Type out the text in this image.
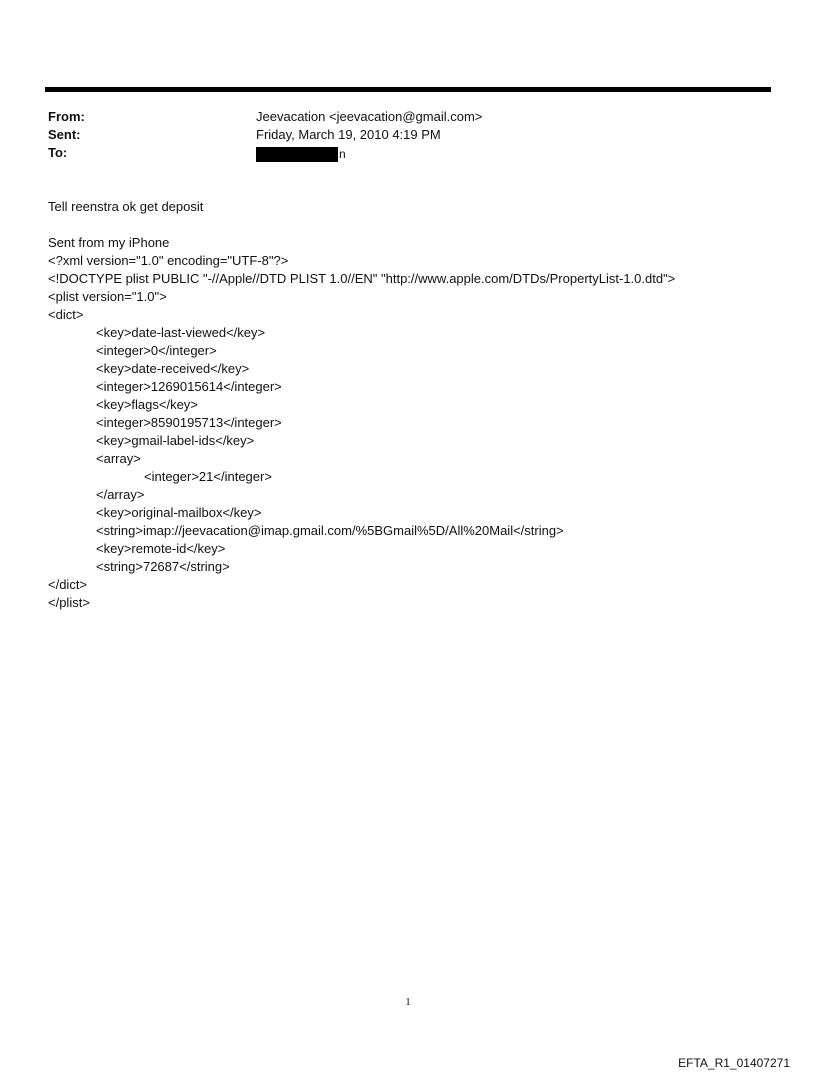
From:	Jeevacation <jeevacation@gmail.com>
Sent:	Friday, March 19, 2010 4:19 PM
To:	n
Tell reenstra ok get deposit
Sent from my iPhone
<?xml version="1.0" encoding="UTF-8"?>
<!DOCTYPE plist PUBLIC "-//Apple//DTD PLIST 1.0//EN" "http://www.apple.com/DTDs/PropertyList-1.0.dtd">
<plist version="1.0">
<dict>
<key>date-last-viewed</key>
<integer>0</integer>
<key>date-received</key>
<integer>1269015614</integer>
<key>flags</key>
<integer>8590195713</integer>
<key>gmail-label-ids</key>
<array>
<integer>21</integer>
</array>
<key>original-mailbox</key>
<string>imap://jeevacation@imap.gmail.com/%5BGmail%5D/All%20Mail</string>
<key>remote-id</key>
<string>72687</string>
</dict>
</plist>
1
EFTA_R1_01407271
